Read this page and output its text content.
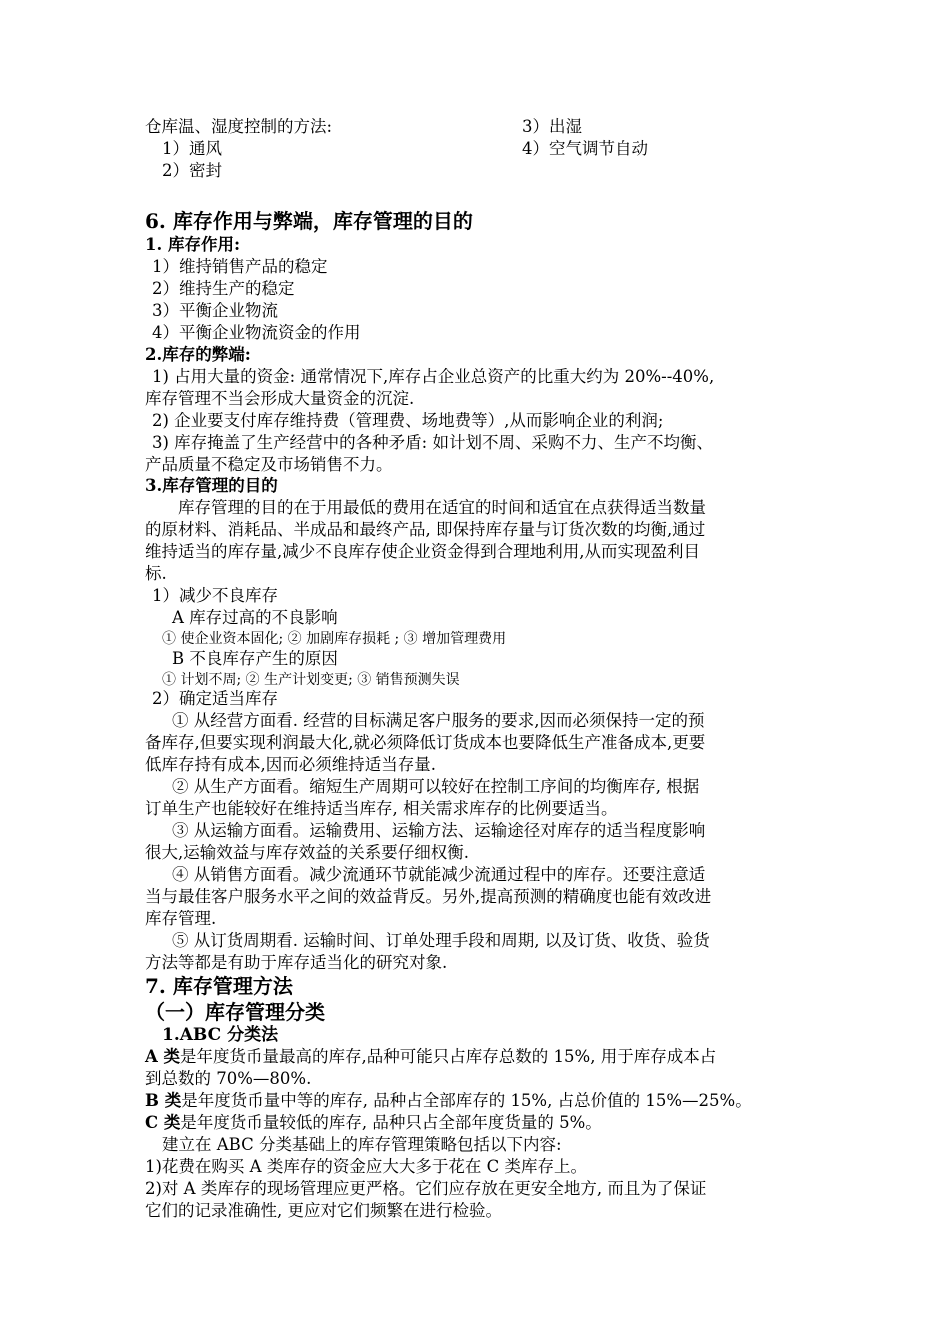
仓库温、湿度控制的方法:
1）通风
2）密封
3）出湿
4）空气调节自动
6. 库存作用与弊端，库存管理的目的
1. 库存作用:
1）维持销售产品的稳定
2）维持生产的稳定
3）平衡企业物流
4）平衡企业物流资金的作用
2.库存的弊端:
1) 占用大量的资金: 通常情况下,库存占企业总资产的比重大约为 20%--40%,
库存管理不当会形成大量资金的沉淀.
2) 企业要支付库存维持费（管理费、场地费等）,从而影响企业的利润;
3) 库存掩盖了生产经营中的各种矛盾: 如计划不周、采购不力、生产不均衡、
产品质量不稳定及市场销售不力。
3.库存管理的目的
库存管理的目的在于用最低的费用在适宜的时间和适宜在点获得适当数量
的原材料、消耗品、半成品和最终产品, 即保持库存量与订货次数的均衡,通过
维持适当的库存量,减少不良库存使企业资金得到合理地利用,从而实现盈利目
标.
1）减少不良库存
A 库存过高的不良影响
① 使企业资本固化; ② 加剧库存损耗 ; ③ 增加管理费用
B 不良库存产生的原因
① 计划不周; ② 生产计划变更; ③ 销售预测失误
2）确定适当库存
① 从经营方面看. 经营的目标满足客户服务的要求,因而必须保持一定的预
备库存,但要实现利润最大化,就必须降低订货成本也要降低生产准备成本,更要
低库存持有成本,因而必须维持适当存量.
② 从生产方面看。缩短生产周期可以较好在控制工序间的均衡库存, 根据
订单生产也能较好在维持适当库存, 相关需求库存的比例要适当。
③ 从运输方面看。运输费用、运输方法、运输途径对库存的适当程度影响
很大,运输效益与库存效益的关系要仔细权衡.
④ 从销售方面看。减少流通环节就能减少流通过程中的库存。还要注意适
当与最佳客户服务水平之间的效益背反。另外,提高预测的精确度也能有效改进
库存管理.
⑤ 从订货周期看. 运输时间、订单处理手段和周期, 以及订货、收货、验货
方法等都是有助于库存适当化的研究对象.
7. 库存管理方法
（一）库存管理分类
1.ABC 分类法
A 类是年度货币量最高的库存,品种可能只占库存总数的 15%, 用于库存成本占
到总数的 70%—80%.
B 类是年度货币量中等的库存, 品种占全部库存的 15%, 占总价值的 15%—25%。
C 类是年度货币量较低的库存, 品种只占全部年度货量的 5%。
建立在 ABC 分类基础上的库存管理策略包括以下内容:
1)花费在购买 A 类库存的资金应大大多于花在 C 类库存上。
2)对 A 类库存的现场管理应更严格。它们应存放在更安全地方, 而且为了保证
它们的记录准确性, 更应对它们频繁在进行检验。
